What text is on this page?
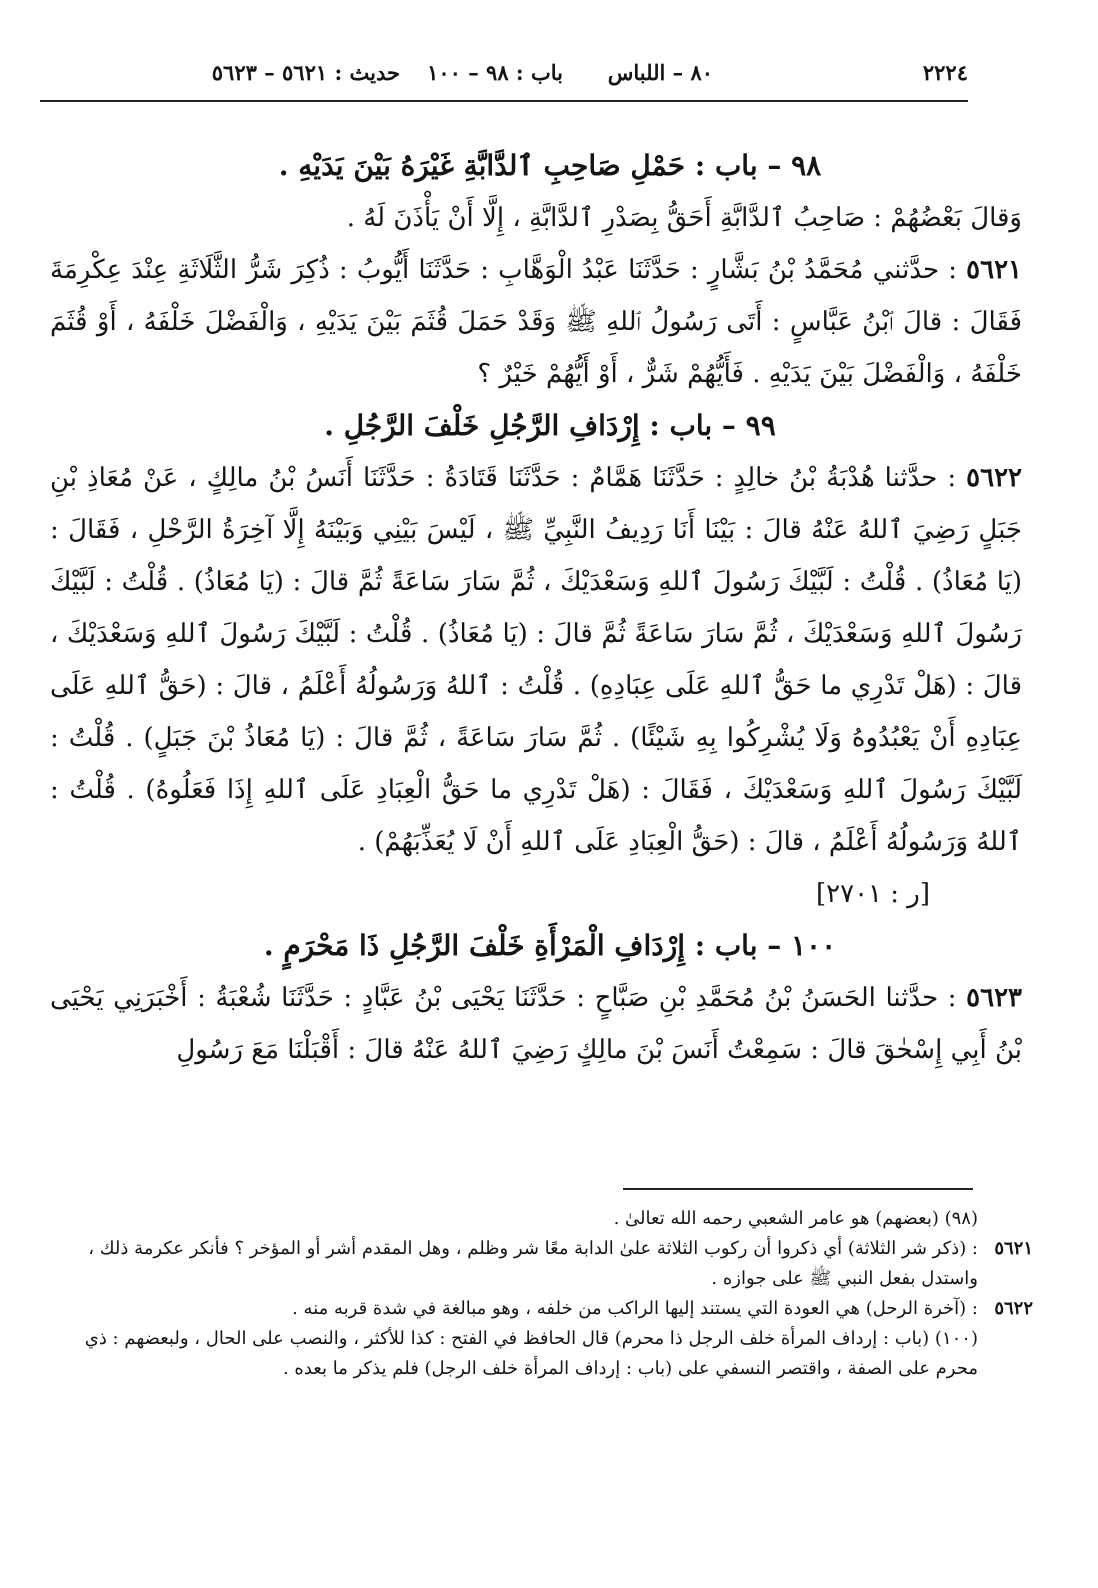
٢٢٢٤
٨٠ – اللباس
باب : ٩٨ – ١٠٠
حديث : ٥٦٢١ – ٥٦٢٣

٩٨ – باب : حَمْلِ صَاحِبِ ٱلدَّابَّةِ غَيْرَهُ بَيْنَ يَدَيْهِ .

وَقالَ بَعْضُهُمْ : صَاحِبُ ٱلدَّابَّةِ أَحَقُّ بِصَدْرِ ٱلدَّابَّةِ ، إِلَّا أَنْ يَأْذَنَ لَهُ .

٥٦٢١ : حدَّثني مُحَمَّدُ بْنُ بَشَّارٍ : حَدَّثَنَا عَبْدُ الْوَهَّابِ : حَدَّثَنَا أَيُّوبُ : ذُكِرَ شَرُّ الثَّلَاثَةِ عِنْدَ عِكْرِمَةَ فَقَالَ : قالَ ٱبْنُ عَبَّاسٍ : أَتَى رَسُولُ ٱللهِ ﷺ وَقَدْ حَمَلَ قُثَمَ بَيْنَ يَدَيْهِ ، وَالْفَضْلَ خَلْفَهُ ، أَوْ قُثَمَ خَلْفَهُ ، وَالْفَضْلَ بَيْنَ يَدَيْهِ . فَأَيُّهُمْ شَرٌّ ، أَوْ أَيُّهُمْ خَيْرٌ ؟

٩٩ – باب : إِرْدَافِ الرَّجُلِ خَلْفَ الرَّجُلِ .

٥٦٢٢ : حدَّثنا هُدْبَةُ بْنُ خالِدٍ : حَدَّثَنَا هَمَّامٌ : حَدَّثَنَا قَتَادَةُ : حَدَّثَنَا أَنَسُ بْنُ مالِكٍ ، عَنْ مُعَاذِ بْنِ جَبَلٍ رَضِيَ ٱللهُ عَنْهُ قالَ : بَيْنَا أَنَا رَدِيفُ النَّبِيِّ ﷺ ، لَيْسَ بَيْنِي وَبَيْنَهُ إِلَّا آخِرَةُ الرَّحْلِ ، فَقَالَ : (يَا مُعَاذُ) . قُلْتُ : لَبَّيْكَ رَسُولَ ٱللهِ وَسَعْدَيْكَ ، ثُمَّ سَارَ سَاعَةً ثُمَّ قالَ : (يَا مُعَاذُ) . قُلْتُ : لَبَّيْكَ رَسُولَ ٱللهِ وَسَعْدَيْكَ ، ثُمَّ سَارَ سَاعَةً ثُمَّ قالَ : (يَا مُعَاذُ) . قُلْتُ : لَبَّيْكَ رَسُولَ ٱللهِ وَسَعْدَيْكَ ، قالَ : (هَلْ تَدْرِي ما حَقُّ ٱللهِ عَلَى عِبَادِهِ) . قُلْتُ : ٱللهُ وَرَسُولُهُ أَعْلَمُ ، قالَ : (حَقُّ ٱللهِ عَلَى عِبَادِهِ أَنْ يَعْبُدُوهُ وَلَا يُشْرِكُوا بِهِ شَيْئًا) . ثُمَّ سَارَ سَاعَةً ، ثُمَّ قالَ : (يَا مُعَاذُ بْنَ جَبَلٍ) . قُلْتُ : لَبَّيْكَ رَسُولَ ٱللهِ وَسَعْدَيْكَ ، فَقَالَ : (هَلْ تَدْرِي ما حَقُّ الْعِبَادِ عَلَى ٱللهِ إِذَا فَعَلُوهُ) . قُلْتُ : ٱللهُ وَرَسُولُهُ أَعْلَمُ ، قالَ : (حَقُّ الْعِبَادِ عَلَى ٱللهِ أَنْ لَا يُعَذِّبَهُمْ) .

[ر : ٢٧٠١]

١٠٠ – باب : إِرْدَافِ الْمَرْأَةِ خَلْفَ الرَّجُلِ ذَا مَحْرَمٍ .

٥٦٢٣ : حدَّثنا الحَسَنُ بْنُ مُحَمَّدِ بْنِ صَبَّاحٍ : حَدَّثَنَا يَحْيَى بْنُ عَبَّادٍ : حَدَّثَنَا شُعْبَةُ : أَخْبَرَنِي يَحْيَى بْنُ أَبِي إِسْحٰقَ قالَ : سَمِعْتُ أَنَسَ بْنَ مالِكٍ رَضِيَ ٱللهُ عَنْهُ قالَ : أَقْبَلْنَا مَعَ رَسُولِ

(٩٨) (بعضهم) هو عامر الشعبي رحمه الله تعالىٰ .

٥٦٢١
: (ذكر شر الثلاثة) أي ذكروا أن ركوب الثلاثة علىٰ الدابة معًا شر وظلم ، وهل المقدم أشر أو المؤخر ؟ فأنكر عكرمة ذلك ، واستدل بفعل النبي ﷺ على جوازه .

٥٦٢٢
: (آخرة الرحل) هي العودة التي يستند إليها الراكب من خلفه ، وهو مبالغة في شدة قربه منه .

(١٠٠) (باب : إرداف المرأة خلف الرجل ذا محرم) قال الحافظ في الفتح : كذا للأكثر ، والنصب على الحال ، ولبعضهم : ذي محرم على الصفة ، واقتصر النسفي على (باب : إرداف المرأة خلف الرجل) فلم يذكر ما بعده .
